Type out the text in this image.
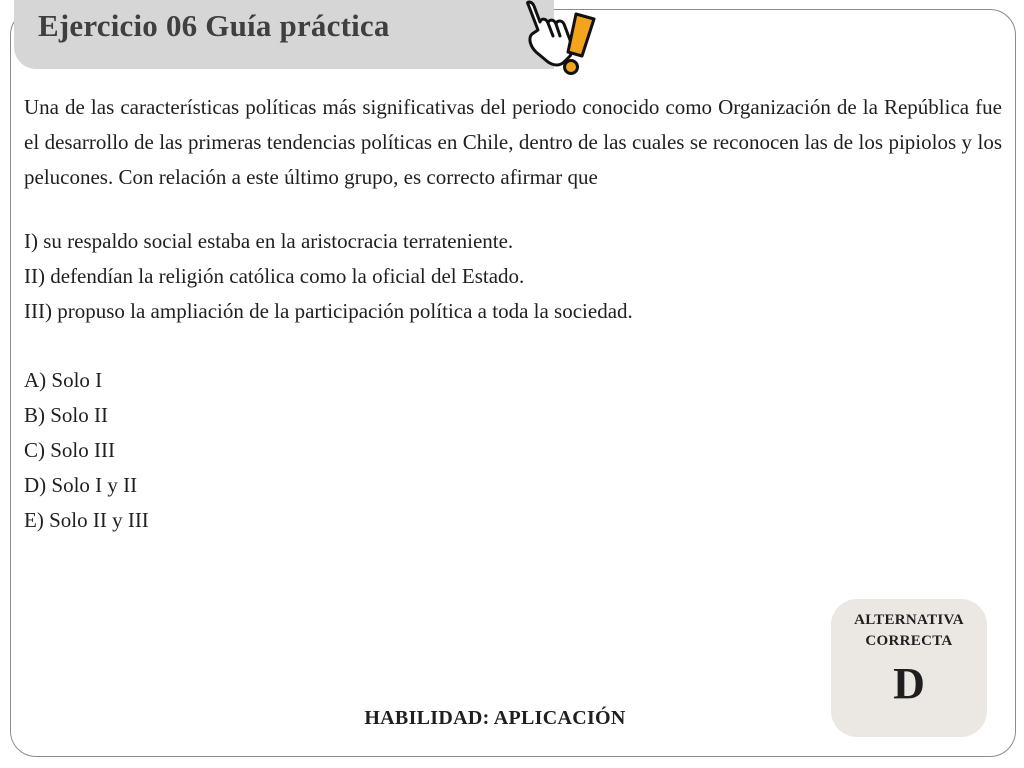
Ejercicio 06 Guía práctica

Una de las características políticas más significativas del periodo conocido como Organización de la República fue el desarrollo de las primeras tendencias políticas en Chile, dentro de las cuales se reconocen las de los pipiolos y los pelucones. Con relación a este último grupo, es correcto afirmar que

I) su respaldo social estaba en la aristocracia terrateniente.
II) defendían la religión católica como la oficial del Estado.
III) propuso la ampliación de la participación política a toda la sociedad.
A) Solo I
B) Solo II
C) Solo III
D) Solo I y II
E) Solo II y III
ALTERNATIVA
CORRECTA
D
HABILIDAD: APLICACIÓN
